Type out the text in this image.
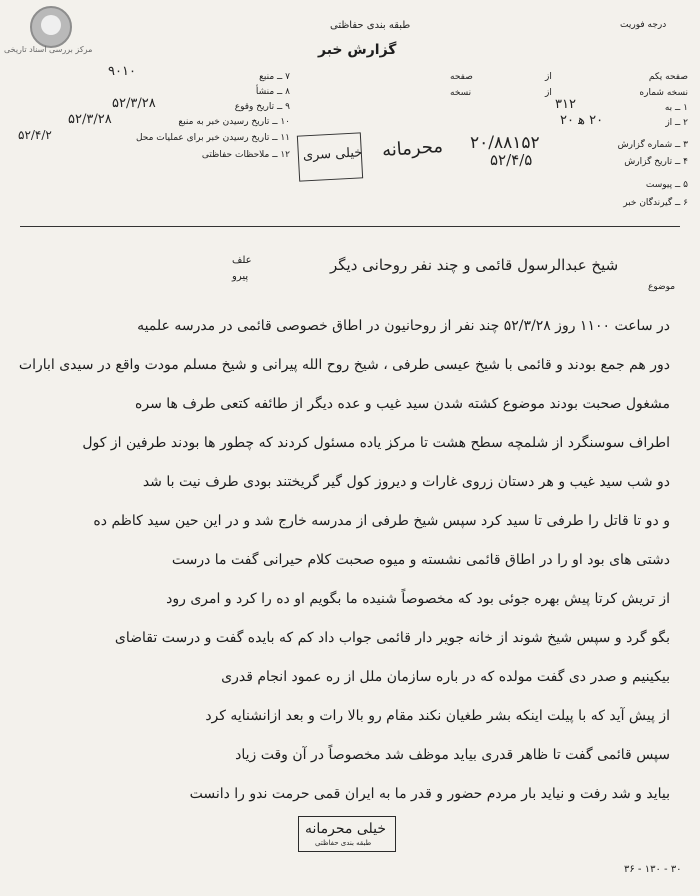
مرکز بررسی اسناد تاریخی
طبقه بندی حفاظتی
گزارش خبر
درجه فوریت
۷ ــ منبع
۹۰۱۰
۸ ــ منشأ
۹ ــ تاریخ وقوع
۵۲/۳/۲۸
۱۰ ــ تاریخ رسیدن خبر به منبع
۵۲/۳/۲۸
۱۱ ــ تاریخ رسیدن خبر برای عملیات محل
۵۲/۴/۲
۱۲ ــ ملاحظات حفاظتی
صفحه یکم
از
صفحه
نسخه شماره
از
نسخه
۱ ــ به
۳۱۲
۲ ــ از
۲۰ ه‍ ۲۰
۳ ــ شماره گزارش
۲۰/۸۸۱۵۲
۴ ــ تاریخ گزارش
۵۲/۴/۵
۵ ــ پیوست
۶ ــ گیرندگان خبر
خیلی سری محرمانه
علف
پیرو
موضوع
شیخ عبدالرسول قائمی و چند نفر روحانی دیگر
در ساعت ۱۱۰۰ روز ۵۲/۳/۲۸ چند نفر از روحانیون در اطاق خصوصی قائمی در مدرسه علمیه
دور هم جمع بودند و قائمی با شیخ عیسی طرفی ، شیخ روح الله پیرانی و شیخ مسلم مودت واقع در سیدی ابارات
مشغول صحبت بودند موضوع کشته شدن سید غیب و عده دیگر از طائفه کتعی طرف ها سره
اطراف سوسنگرد از شلمچه سطح هشت تا مرکز یاده مسئول کردند که چطور ها بودند طرفین از کول
دو شب سید غیب و هر دستان زروی غارات و دیروز کول گیر گریختند بودی طرف نیت با شد
و دو تا قاتل را طرفی تا سید کرد سپس شیخ طرفی از مدرسه خارج شد و در این حین سید کاظم ده
دشتی های بود او را در اطاق قائمی نشسته و میوه صحبت کلام حیرانی گفت ما درست
از تریش کرتا پیش بهره جوئی بود که مخصوصاً شنیده ما بگویم او ده را کرد و امری رود
بگو گرد و سپس شیخ شوند از خانه جویر دار قائمی جواب داد کم که بایده گفت و درست تقاضای
بیکینیم و صدر دی گفت مولده که در باره سازمان ملل از ره عمود انجام قدری
از پیش آید که با پیلت اینکه بشر طغیان نکند مقام رو بالا رات و بعد ازانشنایه کرد
سپس قائمی گفت تا ظاهر قدری بیاید موظف شد مخصوصاً در آن وقت زیاد
بیاید و شد رفت و نیاید بار مردم حضور و قدر ما به ایران قمی حرمت ندو را دانست
خیلی محرمانه
طبقه بندی حفاظتی
۳۰ - ۱۳۰ - ۳۶
